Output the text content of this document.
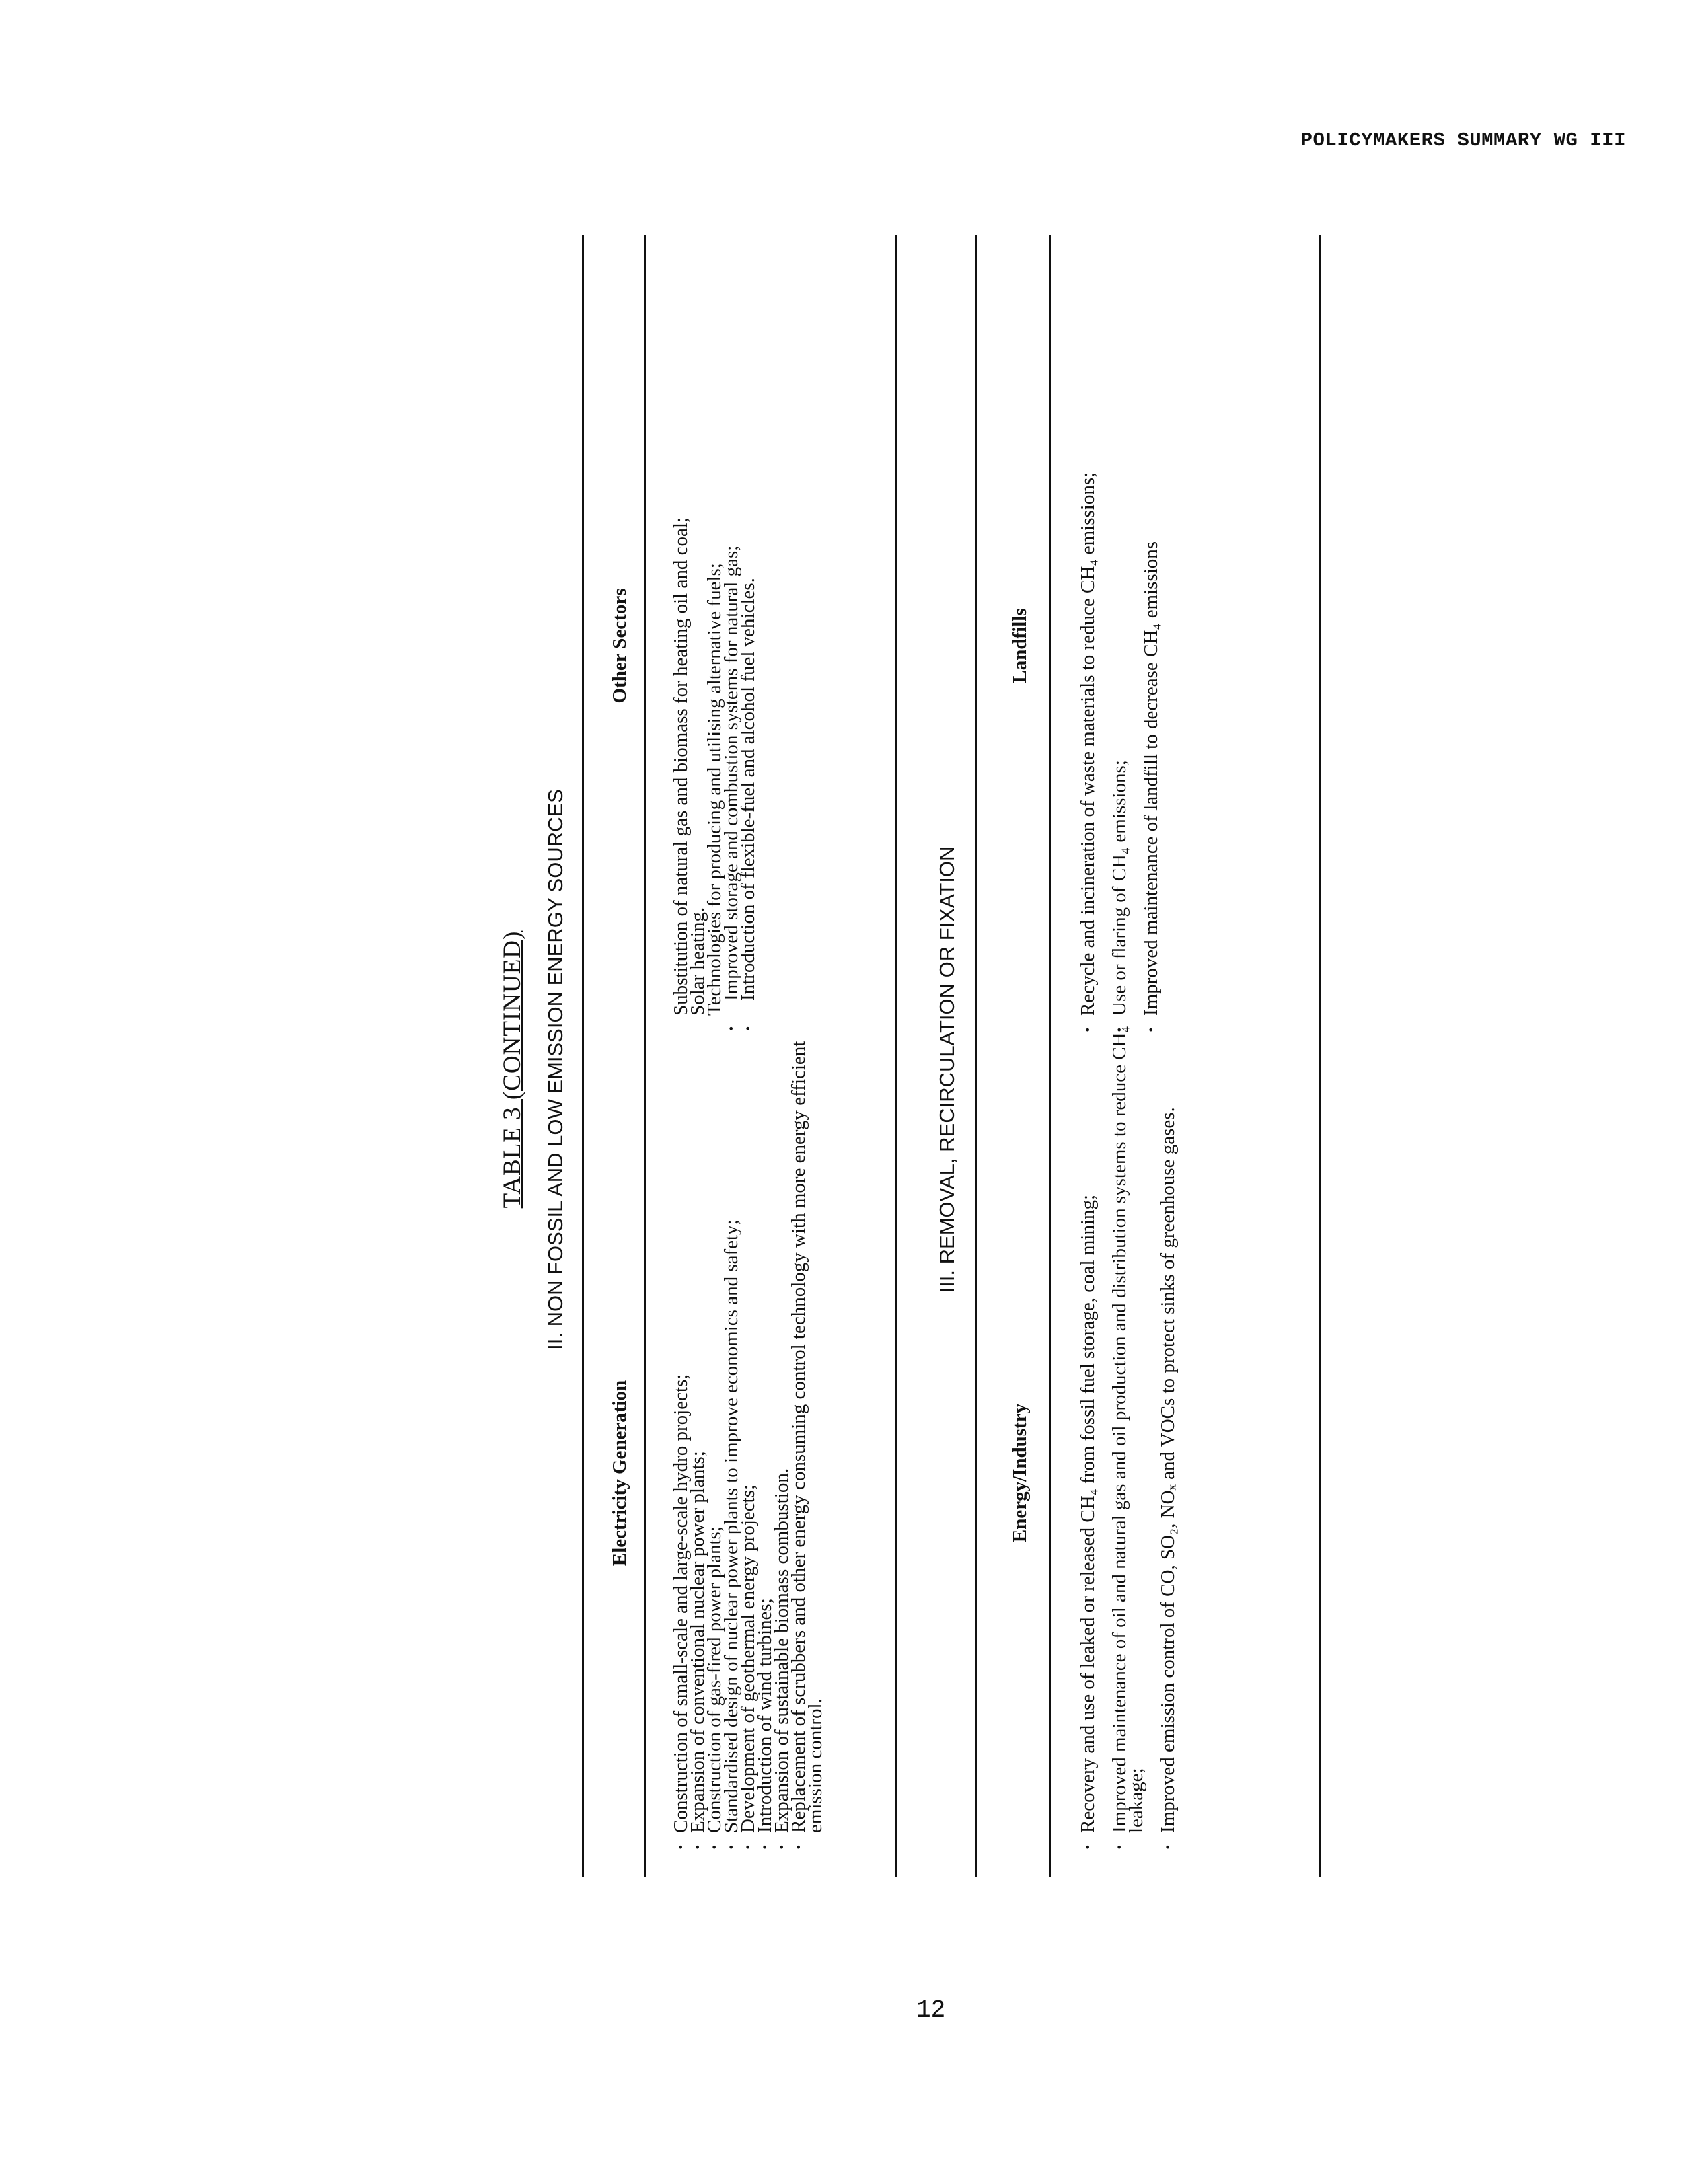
POLICYMAKERS SUMMARY WG III
TABLE 3 (CONTINUED) II. NON FOSSIL AND LOW EMISSION ENERGY SOURCES
Electricity Generation
Other Sectors
· Construction of small-scale and large-scale hydro projects;
· Expansion of conventional nuclear power plants;
· Construction of gas-fired power plants;
· Standardised design of nuclear power plants to improve economics and safety;
· Development of geothermal energy projects;
· Introduction of wind turbines;
· Expansion of sustainable biomass combustion.
· Replacement of scrubbers and other energy consuming control technology with more energy efficient emission control.
Substitution of natural gas and biomass for heating oil and coal;
Solar heating.
Technologies for producing and utilising alternative fuels;
· Improved storage and combustion systems for natural gas;
· Introduction of flexible-fuel and alcohol fuel vehicles.
III. REMOVAL, RECIRCULATION OR FIXATION
Energy/Industry
Landfills
· Recovery and use of leaked or released CH₄ from fossil fuel storage, coal mining; · Improved maintenance of oil and natural gas and oil production and distribution systems to reduce CH₄ leakage; · Improved emission control of CO, SO₂, NOₓ and VOCs to protect sinks of greenhouse gases.
· Recycle and incineration of waste materials to reduce CH₄ emissions; · Use or flaring of CH₄ emissions; · Improved maintenance of landfill to decrease CH₄ emissions
12
